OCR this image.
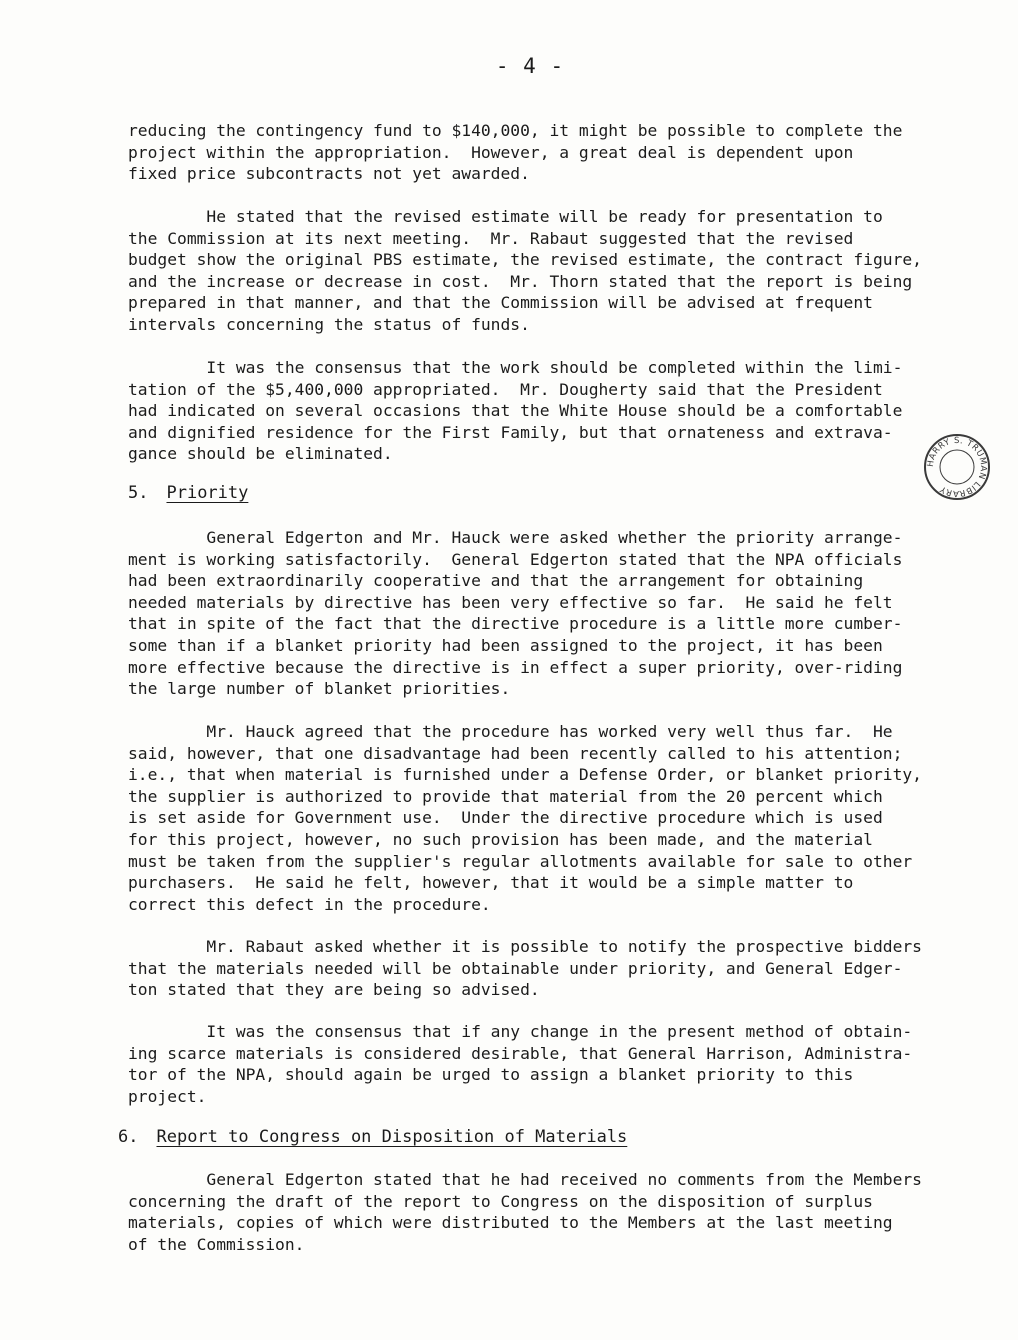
- 4 -
reducing the contingency fund to $140,000, it might be possible to complete the
project within the appropriation.  However, a great deal is dependent upon
fixed price subcontracts not yet awarded.
He stated that the revised estimate will be ready for presentation to
the Commission at its next meeting.  Mr. Rabaut suggested that the revised
budget show the original PBS estimate, the revised estimate, the contract figure,
and the increase or decrease in cost.  Mr. Thorn stated that the report is being
prepared in that manner, and that the Commission will be advised at frequent
intervals concerning the status of funds.
It was the consensus that the work should be completed within the limi-
tation of the $5,400,000 appropriated.  Mr. Dougherty said that the President
had indicated on several occasions that the White House should be a comfortable
and dignified residence for the First Family, but that ornateness and extrava-
gance should be eliminated.
5. Priority
General Edgerton and Mr. Hauck were asked whether the priority arrange-
ment is working satisfactorily.  General Edgerton stated that the NPA officials
had been extraordinarily cooperative and that the arrangement for obtaining
needed materials by directive has been very effective so far.  He said he felt
that in spite of the fact that the directive procedure is a little more cumber-
some than if a blanket priority had been assigned to the project, it has been
more effective because the directive is in effect a super priority, over-riding
the large number of blanket priorities.
Mr. Hauck agreed that the procedure has worked very well thus far.  He
said, however, that one disadvantage had been recently called to his attention;
i.e., that when material is furnished under a Defense Order, or blanket priority,
the supplier is authorized to provide that material from the 20 percent which
is set aside for Government use.  Under the directive procedure which is used
for this project, however, no such provision has been made, and the material
must be taken from the supplier's regular allotments available for sale to other
purchasers.  He said he felt, however, that it would be a simple matter to
correct this defect in the procedure.
Mr. Rabaut asked whether it is possible to notify the prospective bidders
that the materials needed will be obtainable under priority, and General Edger-
ton stated that they are being so advised.
It was the consensus that if any change in the present method of obtain-
ing scarce materials is considered desirable, that General Harrison, Administra-
tor of the NPA, should again be urged to assign a blanket priority to this
project.
6. Report to Congress on Disposition of Materials
General Edgerton stated that he had received no comments from the Members
concerning the draft of the report to Congress on the disposition of surplus
materials, copies of which were distributed to the Members at the last meeting
of the Commission.
HARRY S. TRUMAN LIBRARY
